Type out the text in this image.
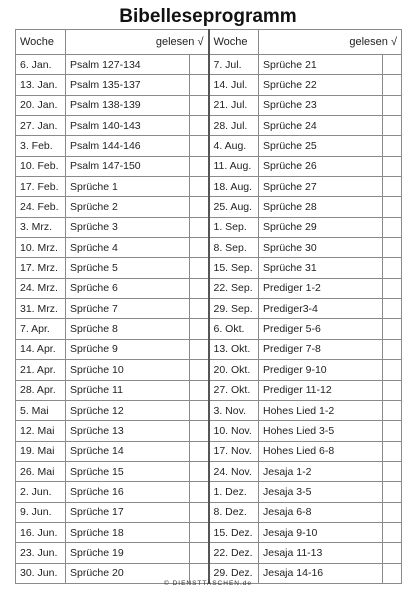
Bibelleseprogramm
Woche	gelesen √		Woche	gelesen √	

6. Jan.	Psalm 127-134		7. Jul.	Sprüche 21	
13. Jan.	Psalm 135-137		14. Jul.	Sprüche 22	
20. Jan.	Psalm 138-139		21. Jul.	Sprüche 23	
27. Jan.	Psalm 140-143		28. Jul.	Sprüche 24	
3. Feb.	Psalm 144-146		4. Aug.	Sprüche 25	
10. Feb.	Psalm 147-150		11. Aug.	Sprüche 26	
17. Feb.	Sprüche 1		18. Aug.	Sprüche 27	
24. Feb.	Sprüche 2		25. Aug.	Sprüche 28	
3. Mrz.	Sprüche 3		1. Sep.	Sprüche 29	
10. Mrz.	Sprüche 4		8. Sep.	Sprüche 30	
17. Mrz.	Sprüche 5		15. Sep.	Sprüche 31	
24. Mrz.	Sprüche 6		22. Sep.	Prediger 1-2	
31. Mrz.	Sprüche 7		29. Sep.	Prediger3-4	
7. Apr.	Sprüche 8		6. Okt.	Prediger 5-6	
14. Apr.	Sprüche 9		13. Okt.	Prediger 7-8	
21. Apr.	Sprüche 10		20. Okt.	Prediger 9-10	
28. Apr.	Sprüche 11		27. Okt.	Prediger 11-12	
5. Mai	Sprüche 12		3. Nov.	Hohes Lied 1-2	
12. Mai	Sprüche 13		10. Nov.	Hohes Lied 3-5	
19. Mai	Sprüche 14		17. Nov.	Hohes Lied 6-8	
26. Mai	Sprüche 15		24. Nov.	Jesaja 1-2	
2. Jun.	Sprüche 16		1. Dez.	Jesaja 3-5	
9. Jun.	Sprüche 17		8. Dez.	Jesaja 6-8	
16. Jun.	Sprüche 18		15. Dez.	Jesaja 9-10	
23. Jun.	Sprüche 19		22. Dez.	Jesaja 11-13	
30. Jun.	Sprüche 20		29. Dez.	Jesaja 14-16	
© DIENSTTASCHEN.de
